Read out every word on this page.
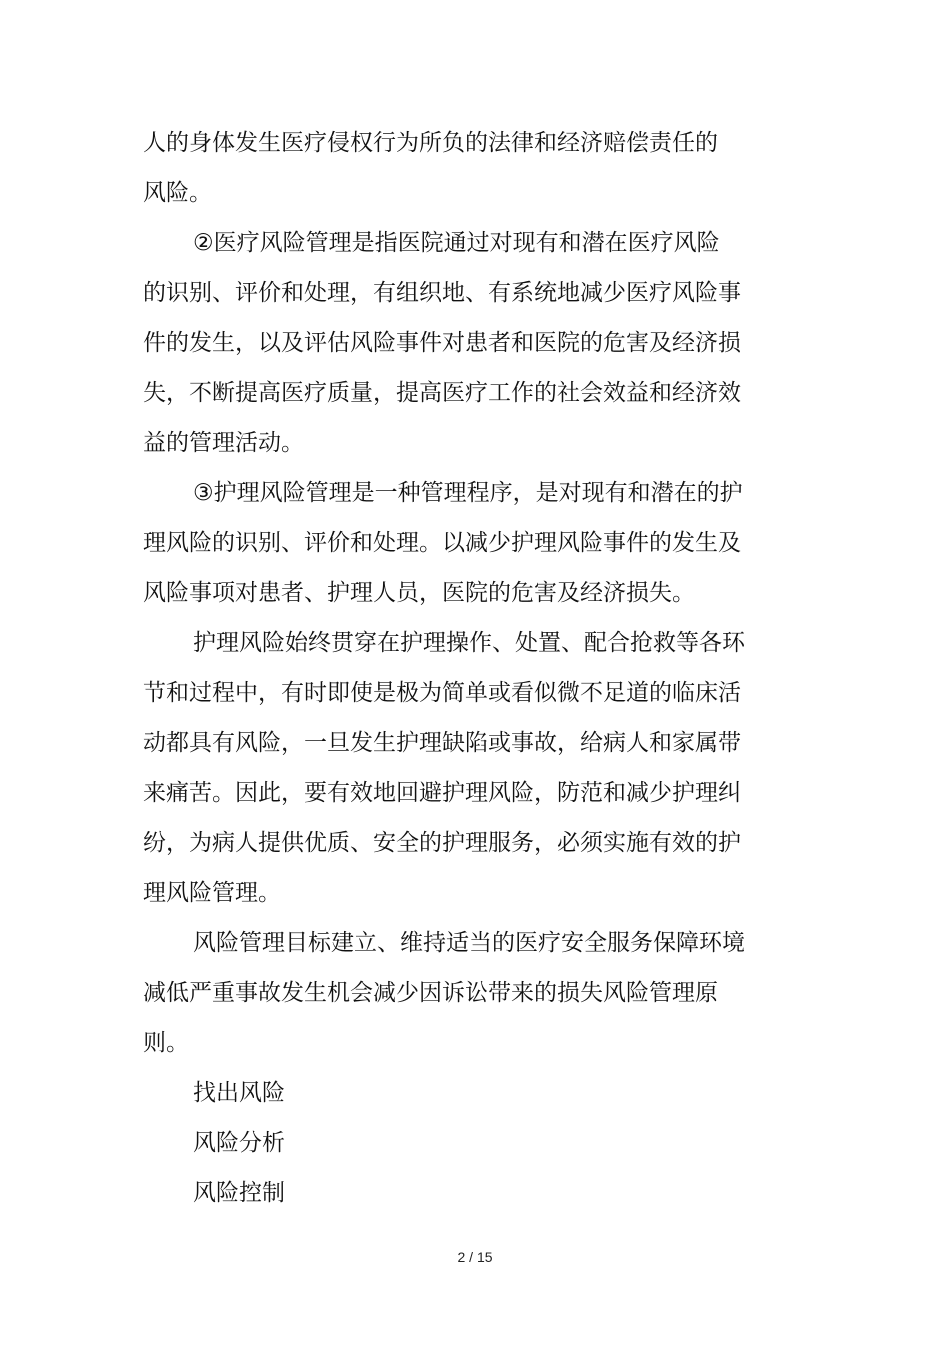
人的身体发生医疗侵权行为所负的法律和经济赔偿责任的
风险。
②医疗风险管理是指医院通过对现有和潜在医疗风险
的识别、评价和处理，有组织地、有系统地减少医疗风险事
件的发生，以及评估风险事件对患者和医院的危害及经济损
失，不断提高医疗质量，提高医疗工作的社会效益和经济效
益的管理活动。
③护理风险管理是一种管理程序，是对现有和潜在的护
理风险的识别、评价和处理。以减少护理风险事件的发生及
风险事项对患者、护理人员，医院的危害及经济损失。
护理风险始终贯穿在护理操作、处置、配合抢救等各环
节和过程中，有时即使是极为简单或看似微不足道的临床活
动都具有风险，一旦发生护理缺陷或事故，给病人和家属带
来痛苦。因此，要有效地回避护理风险，防范和减少护理纠
纷，为病人提供优质、安全的护理服务，必须实施有效的护
理风险管理。
风险管理目标建立、维持适当的医疗安全服务保障环境
减低严重事故发生机会减少因诉讼带来的损失风险管理原
则。
找出风险
风险分析
风险控制
2 / 15
